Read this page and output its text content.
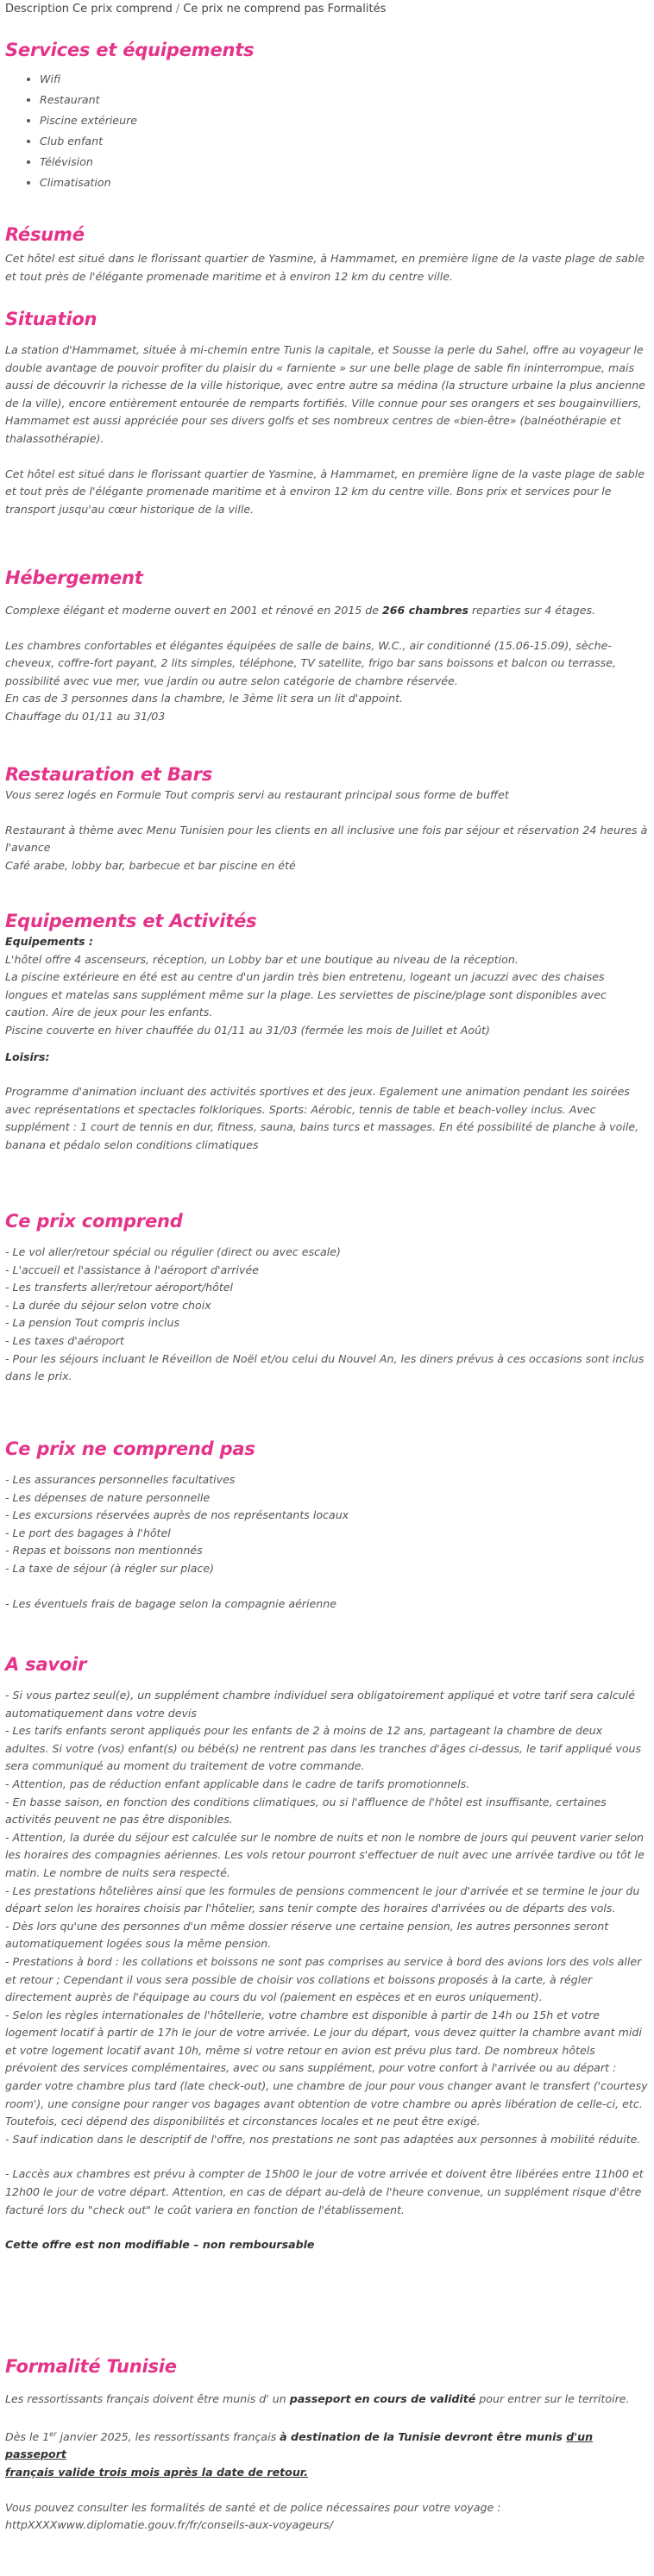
Description Ce prix comprend / Ce prix ne comprend pas Formalités
Services et équipements
• Wifi
• Restaurant
• Piscine extérieure
• Club enfant
• Télévision
• Climatisation
Résumé

Cet hôtel est situé dans le florissant quartier de Yasmine, à Hammamet, en première ligne de la vaste plage de sable et tout près de l'élégante promenade maritime et à environ 12 km du centre ville.

Situation

La station d'Hammamet, située à mi-chemin entre Tunis la capitale, et Sousse la perle du Sahel, offre au voyageur le double avantage de pouvoir profiter du plaisir du « farniente » sur une belle plage de sable fin ininterrompue, mais aussi de découvrir la richesse de la ville historique, avec entre autre sa médina (la structure urbaine la plus ancienne de la ville), encore entièrement entourée de remparts fortifiés. Ville connue pour ses orangers et ses bougainvilliers, Hammamet est aussi appréciée pour ses divers golfs et ses nombreux centres de «bien-être» (balnéothérapie et thalassothérapie).

Cet hôtel est situé dans le florissant quartier de Yasmine, à Hammamet, en première ligne de la vaste plage de sable et tout près de l'élégante promenade maritime et à environ 12 km du centre ville. Bons prix et services pour le transport jusqu'au cœur historique de la ville.

Hébergement

Complexe élégant et moderne ouvert en 2001 et rénové en 2015 de 266 chambres reparties sur 4 étages.

Les chambres confortables et élégantes équipées de salle de bains, W.C., air conditionné (15.06-15.09), sèche-cheveux, coffre-fort payant, 2 lits simples, téléphone, TV satellite, frigo bar sans boissons et balcon ou terrasse, possibilité avec vue mer, vue jardin ou autre selon catégorie de chambre réservée.

En cas de 3 personnes dans la chambre, le 3ème lit sera un lit d'appoint.

Chauffage du 01/11 au 31/03

Restauration et Bars

Vous serez logés en Formule Tout compris servi au restaurant principal sous forme de buffet

Restaurant à thème avec Menu Tunisien pour les clients en all inclusive une fois par séjour et réservation 24 heures à l'avance

Café arabe, lobby bar, barbecue et bar piscine en été

Equipements et Activités

Equipements :

L'hôtel offre 4 ascenseurs, réception, un Lobby bar et une boutique au niveau de la réception.

La piscine extérieure en été est au centre d'un jardin très bien entretenu, logeant un jacuzzi avec des chaises longues et matelas sans supplément même sur la plage. Les serviettes de piscine/plage sont disponibles avec caution. Aire de jeux pour les enfants.

Piscine couverte en hiver chauffée du 01/11 au 31/03 (fermée les mois de Juillet et Août)

Loisirs:

Programme d'animation incluant des activités sportives et des jeux. Egalement une animation pendant les soirées avec représentations et spectacles folkloriques. Sports: Aérobic, tennis de table et beach-volley inclus. Avec supplément : 1 court de tennis en dur, fitness, sauna, bains turcs et massages. En été possibilité de planche à voile, banana et pédalo selon conditions climatiques

Ce prix comprend
- Le vol aller/retour spécial ou régulier (direct ou avec escale)
- L'accueil et l'assistance à l'aéroport d'arrivée
- Les transferts aller/retour aéroport/hôtel
- La durée du séjour selon votre choix
- La pension Tout compris inclus
- Les taxes d'aéroport
- Pour les séjours incluant le Réveillon de Noël et/ou celui du Nouvel An, les diners prévus à ces occasions sont inclus dans le prix.
Ce prix ne comprend pas
- Les assurances personnelles facultatives
- Les dépenses de nature personnelle
- Les excursions réservées auprès de nos représentants locaux
- Le port des bagages à l'hôtel
- Repas et boissons non mentionnés
- La taxe de séjour (à régler sur place)
- Les éventuels frais de bagage selon la compagnie aérienne
A savoir
- Si vous partez seul(e), un supplément chambre individuel sera obligatoirement appliqué et votre tarif sera calculé automatiquement dans votre devis
- Les tarifs enfants seront appliqués pour les enfants de 2 à moins de 12 ans, partageant la chambre de deux adultes. Si votre (vos) enfant(s) ou bébé(s) ne rentrent pas dans les tranches d'âges ci-dessus, le tarif appliqué vous sera communiqué au moment du traitement de votre commande.
- Attention, pas de réduction enfant applicable dans le cadre de tarifs promotionnels.
- En basse saison, en fonction des conditions climatiques, ou si l'affluence de l'hôtel est insuffisante, certaines activités peuvent ne pas être disponibles.
- Attention, la durée du séjour est calculée sur le nombre de nuits et non le nombre de jours qui peuvent varier selon les horaires des compagnies aériennes. Les vols retour pourront s'effectuer de nuit avec une arrivée tardive ou tôt le matin. Le nombre de nuits sera respecté.
- Les prestations hôtelières ainsi que les formules de pensions commencent le jour d'arrivée et se termine le jour du départ selon les horaires choisis par l'hôtelier, sans tenir compte des horaires d'arrivées ou de départs des vols.
- Dès lors qu'une des personnes d'un même dossier réserve une certaine pension, les autres personnes seront automatiquement logées sous la même pension.
- Prestations à bord : les collations et boissons ne sont pas comprises au service à bord des avions lors des vols aller et retour ; Cependant il vous sera possible de choisir vos collations et boissons proposés à la carte, à régler directement auprès de l'équipage au cours du vol (paiement en espèces et en euros uniquement).
- Selon les règles internationales de l'hôtellerie, votre chambre est disponible à partir de 14h ou 15h et votre logement locatif à partir de 17h le jour de votre arrivée. Le jour du départ, vous devez quitter la chambre avant midi et votre logement locatif avant 10h, même si votre retour en avion est prévu plus tard. De nombreux hôtels prévoient des services complémentaires, avec ou sans supplément, pour votre confort à l'arrivée ou au départ : garder votre chambre plus tard (late check-out), une chambre de jour pour vous changer avant le transfert ('courtesy room'), une consigne pour ranger vos bagages avant obtention de votre chambre ou après libération de celle-ci, etc. Toutefois, ceci dépend des disponibilités et circonstances locales et ne peut être exigé.
- Sauf indication dans le descriptif de l'offre, nos prestations ne sont pas adaptées aux personnes à mobilité réduite.

- Laccès aux chambres est prévu à compter de 15h00 le jour de votre arrivée et doivent être libérées entre 11h00 et 12h00 le jour de votre départ. Attention, en cas de départ au-delà de l'heure convenue, un supplément risque d'être facturé lors du "check out" le coût variera en fonction de l'établissement.

Cette offre est non modifiable – non remboursable

Formalité Tunisie

Les ressortissants français doivent être munis d' un passeport en cours de validité pour entrer sur le territoire.

Dès le 1er janvier 2025, les ressortissants français à destination de la Tunisie devront être munis d'un passeport
français valide trois mois après la date de retour.

Vous pouvez consulter les formalités de santé et de police nécessaires pour votre voyage :

httpXXXXwww.diplomatie.gouv.fr/fr/conseils-aux-voyageurs/
